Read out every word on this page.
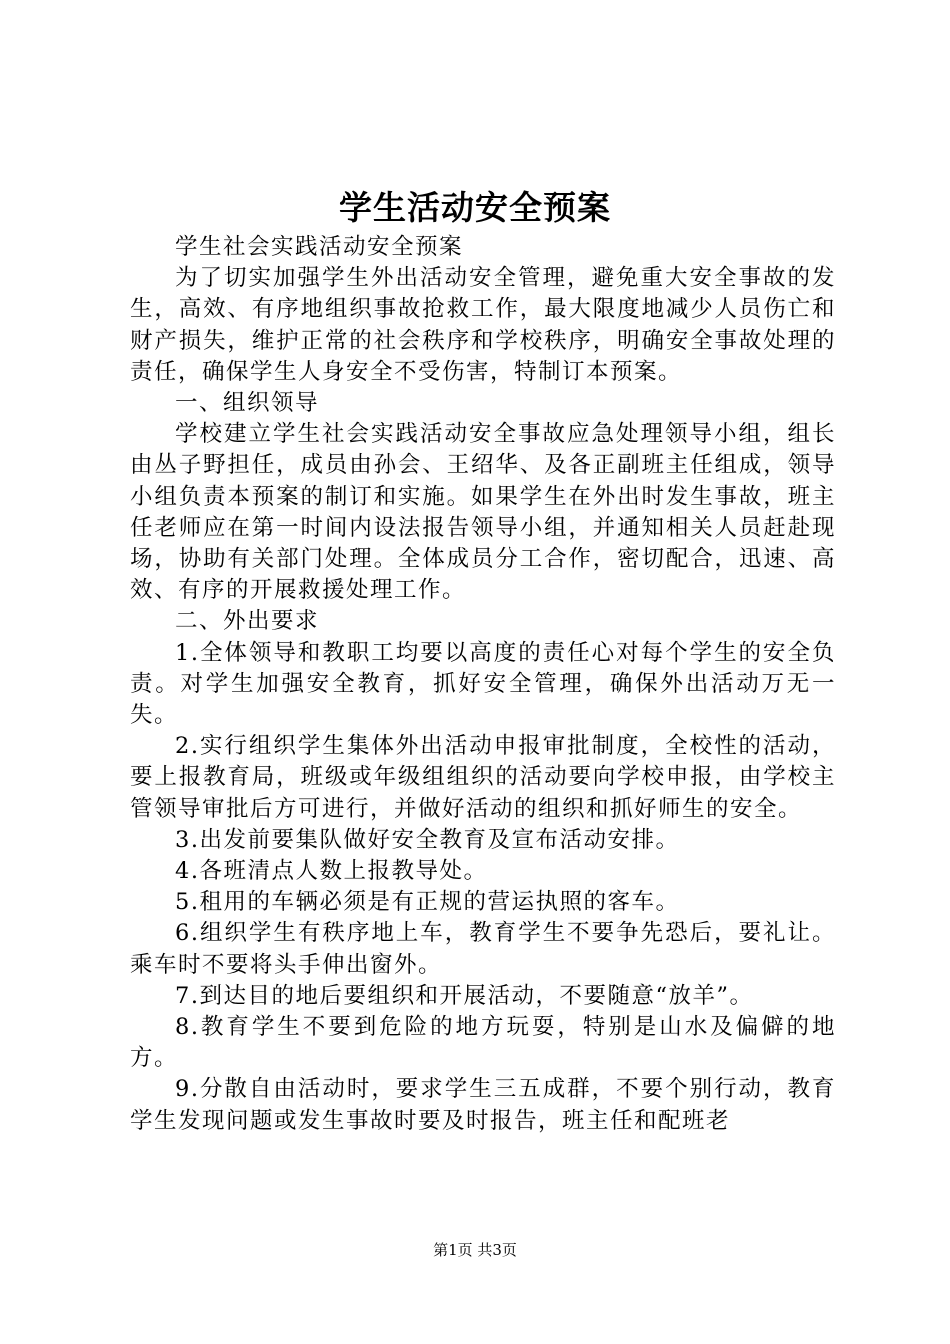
学生活动安全预案

学生社会实践活动安全预案

为了切实加强学生外出活动安全管理，避免重大安全事故的发生，高效、有序地组织事故抢救工作，最大限度地减少人员伤亡和财产损失，维护正常的社会秩序和学校秩序，明确安全事故处理的责任，确保学生人身安全不受伤害，特制订本预案。

一、组织领导

学校建立学生社会实践活动安全事故应急处理领导小组，组长由丛子野担任，成员由孙会、王绍华、及各正副班主任组成，领导小组负责本预案的制订和实施。如果学生在外出时发生事故，班主任老师应在第一时间内设法报告领导小组，并通知相关人员赶赴现场，协助有关部门处理。全体成员分工合作，密切配合，迅速、高效、有序的开展救援处理工作。

二、外出要求

1.全体领导和教职工均要以高度的责任心对每个学生的安全负责。对学生加强安全教育，抓好安全管理，确保外出活动万无一失。

2.实行组织学生集体外出活动申报审批制度，全校性的活动，要上报教育局，班级或年级组组织的活动要向学校申报，由学校主管领导审批后方可进行，并做好活动的组织和抓好师生的安全。

3.出发前要集队做好安全教育及宣布活动安排。

4.各班清点人数上报教导处。

5.租用的车辆必须是有正规的营运执照的客车。

6.组织学生有秩序地上车，教育学生不要争先恐后，要礼让。乘车时不要将头手伸出窗外。

7.到达目的地后要组织和开展活动，不要随意“放羊”。

8.教育学生不要到危险的地方玩耍，特别是山水及偏僻的地方。

9.分散自由活动时，要求学生三五成群，不要个别行动，教育学生发现问题或发生事故时要及时报告，班主任和配班老

第1页 共3页
